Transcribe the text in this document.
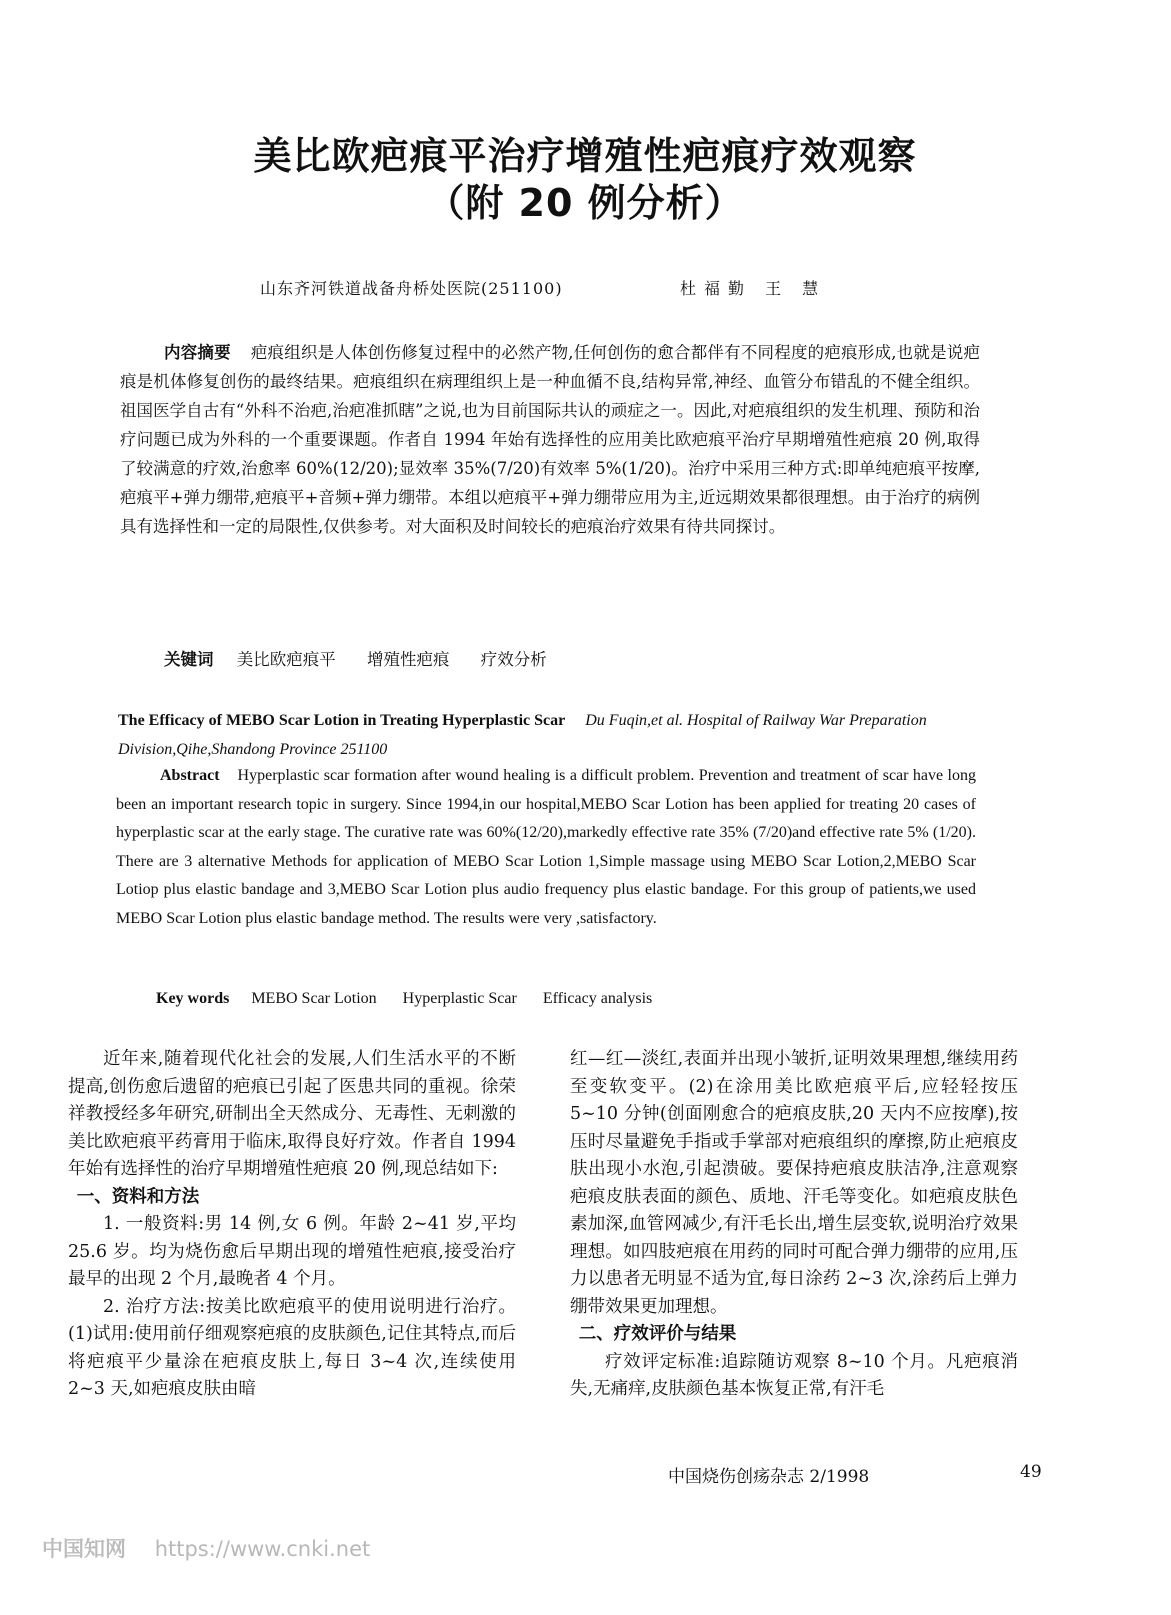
美比欧疤痕平治疗增殖性疤痕疗效观察
（附 20 例分析）
山东齐河铁道战备舟桥处医院(251100)	杜福勤 王 慧
内容摘要 疤痕组织是人体创伤修复过程中的必然产物,任何创伤的愈合都伴有不同程度的疤痕形成,也就是说疤痕是机体修复创伤的最终结果。疤痕组织在病理组织上是一种血循不良,结构异常,神经、血管分布错乱的不健全组织。祖国医学自古有“外科不治疤,治疤准抓瞎”之说,也为目前国际共认的顽症之一。因此,对疤痕组织的发生机理、预防和治疗问题已成为外科的一个重要课题。作者自 1994 年始有选择性的应用美比欧疤痕平治疗早期增殖性疤痕 20 例,取得了较满意的疗效,治愈率 60%(12/20);显效率 35%(7/20)有效率 5%(1/20)。治疗中采用三种方式:即单纯疤痕平按摩,疤痕平+弹力绷带,疤痕平+音频+弹力绷带。本组以疤痕平+弹力绷带应用为主,近远期效果都很理想。由于治疗的病例具有选择性和一定的局限性,仅供参考。对大面积及时间较长的疤痕治疗效果有待共同探讨。
关键词 美比欧疤痕平 增殖性疤痕 疗效分析
The Efficacy of MEBO Scar Lotion in Treating Hyperplastic Scar Du Fuqin,et al. Hospital of Railway War Preparation Division,Qihe,Shandong Province 251100
Abstract Hyperplastic scar formation after wound healing is a difficult problem. Prevention and treatment of scar have long been an important research topic in surgery. Since 1994,in our hospital,MEBO Scar Lotion has been applied for treating 20 cases of hyperplastic scar at the early stage. The curative rate was 60%(12/20),markedly effective rate 35% (7/20)and effective rate 5% (1/20). There are 3 alternative Methods for application of MEBO Scar Lotion 1,Simple massage using MEBO Scar Lotion,2,MEBO Scar Lotiop plus elastic bandage and 3,MEBO Scar Lotion plus audio frequency plus elastic bandage. For this group of patients,we used MEBO Scar Lotion plus elastic bandage method. The results were very ,satisfactory.
Key words MEBO Scar Lotion Hyperplastic Scar Efficacy analysis

近年来,随着现代化社会的发展,人们生活水平的不断提高,创伤愈后遗留的疤痕已引起了医患共同的重视。徐荣祥教授经多年研究,研制出全天然成分、无毒性、无刺激的美比欧疤痕平药膏用于临床,取得良好疗效。作者自 1994 年始有选择性的治疗早期增殖性疤痕 20 例,现总结如下:

一、资料和方法

1. 一般资料:男 14 例,女 6 例。年龄 2~41 岁,平均 25.6 岁。均为烧伤愈后早期出现的增殖性疤痕,接受治疗最早的出现 2 个月,最晚者 4 个月。

2. 治疗方法:按美比欧疤痕平的使用说明进行治疗。(1)试用:使用前仔细观察疤痕的皮肤颜色,记住其特点,而后将疤痕平少量涂在疤痕皮肤上,每日 3~4 次,连续使用 2~3 天,如疤痕皮肤由暗

红—红—淡红,表面并出现小皱折,证明效果理想,继续用药至变软变平。(2)在涂用美比欧疤痕平后,应轻轻按压 5~10 分钟(创面刚愈合的疤痕皮肤,20 天内不应按摩),按压时尽量避免手指或手掌部对疤痕组织的摩擦,防止疤痕皮肤出现小水泡,引起溃破。要保持疤痕皮肤洁净,注意观察疤痕皮肤表面的颜色、质地、汗毛等变化。如疤痕皮肤色素加深,血管网减少,有汗毛长出,增生层变软,说明治疗效果理想。如四肢疤痕在用药的同时可配合弹力绷带的应用,压力以患者无明显不适为宜,每日涂药 2~3 次,涂药后上弹力绷带效果更加理想。

二、疗效评价与结果

疗效评定标准:追踪随访观察 8~10 个月。凡疤痕消失,无痛痒,皮肤颜色基本恢复正常,有汗毛

中国烧伤创疡杂志 2/1998	49
中国知网 https://www.cnki.net
